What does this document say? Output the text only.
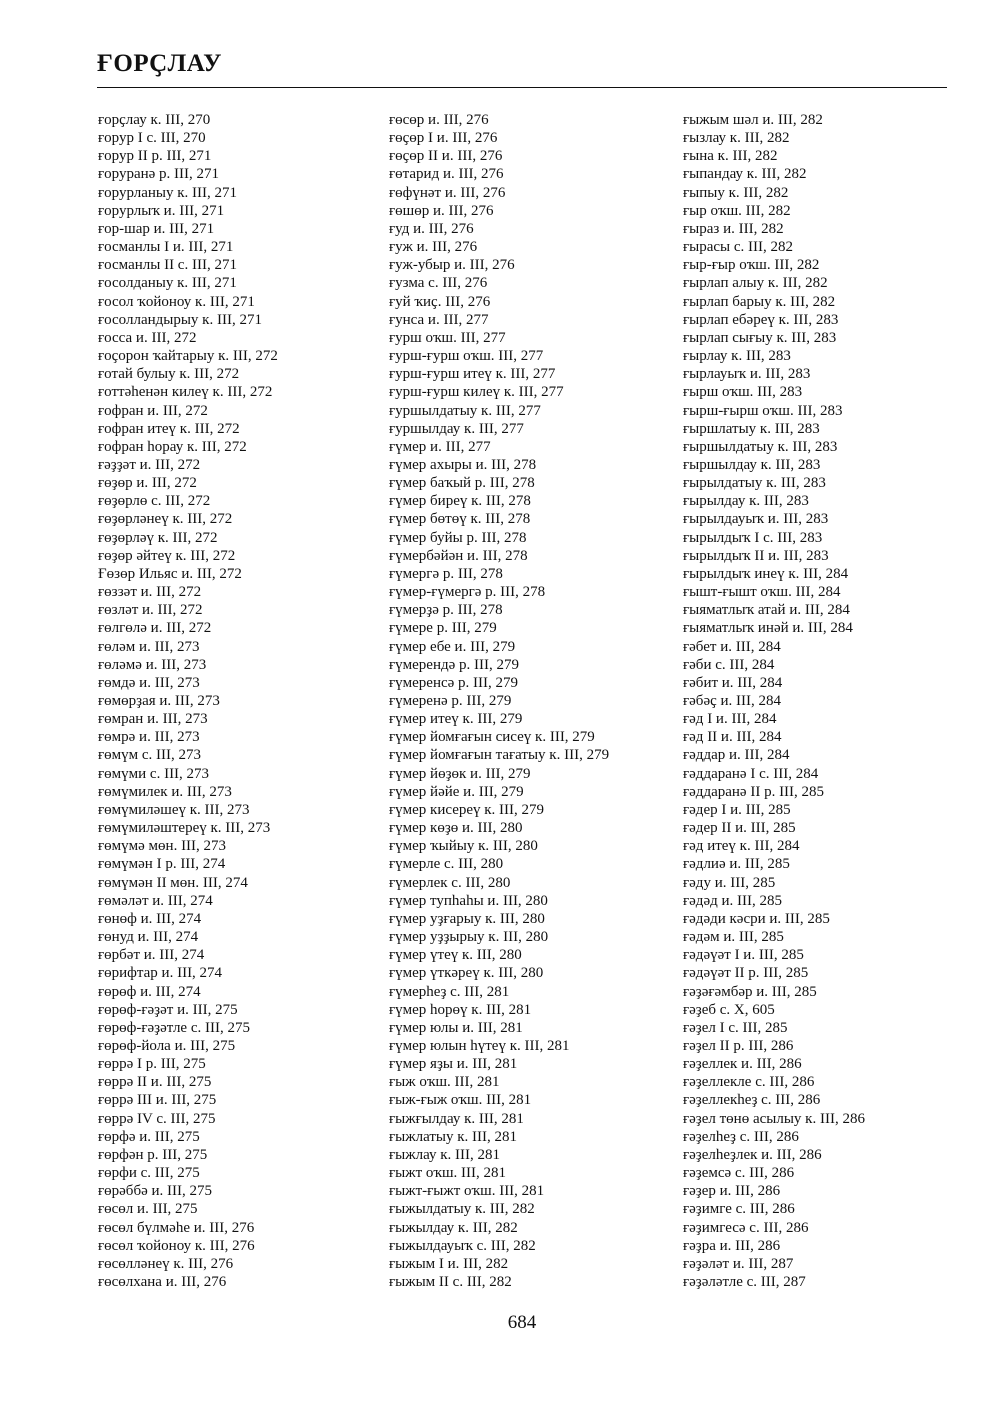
ҒОРҪЛАУ
ғорҫлау к. III, 270
ғорур I с. III, 270
ғорур II р. III, 271
ғоруранә р. III, 271
ғорурланыу к. III, 271
ғорурлыҡ и. III, 271
ғор-шар и. III, 271
ғосманлы I и. III, 271
ғосманлы II с. III, 271
ғосолданыу к. III, 271
ғосол ҡойоноу к. III, 271
ғосолландырыу к. III, 271
ғосса и. III, 272
ғоҫорон ҡайтарыу к. III, 272
ғотай булыу к. III, 272
ғоттәһенән килеү к. III, 272
ғофран и. III, 272
ғофран итеү к. III, 272
ғофран һорау к. III, 272
ғәҙҙәт и. III, 272
ғөҙөр и. III, 272
ғөҙөрлө с. III, 272
ғөҙөрләнеү к. III, 272
ғөҙөрләү к. III, 272
ғөҙөр әйтеү к. III, 272
Ғөзөр Ильяс и. III, 272
ғөззәт и. III, 272
ғөзләт и. III, 272
ғөлгөлә и. III, 272
ғөләм и. III, 273
ғөләмә и. III, 273
ғөмдә и. III, 273
ғөмөрҙая и. III, 273
ғөмран и. III, 273
ғөмрә и. III, 273
ғөмүм с. III, 273
ғөмүми с. III, 273
ғөмүмилек и. III, 273
ғөмүмиләшеү к. III, 273
ғөмүмиләштереү к. III, 273
ғөмүмә мөн. III, 273
ғөмүмән I р. III, 274
ғөмүмән II мөн. III, 274
ғөмәләт и. III, 274
ғөнөф и. III, 274
ғөнуд и. III, 274
ғөрбәт и. III, 274
ғөрифтар и. III, 274
ғөрөф и. III, 274
ғөрөф-ғәҙәт и. III, 275
ғөрөф-ғәҙәтле с. III, 275
ғөрөф-йола и. III, 275
ғөррә I р. III, 275
ғөррә II и. III, 275
ғөррә III и. III, 275
ғөррә IV с. III, 275
ғөрфә и. III, 275
ғөрфән р. III, 275
ғөрфи с. III, 275
ғөрәббә и. III, 275
ғөсөл и. III, 275
ғөсөл бүлмәһе и. III, 276
ғөсөл ҡойоноу к. III, 276
ғөсөлләнеү к. III, 276
ғөсөлхана и. III, 276
ғөсөр и. III, 276
ғөҫөр I и. III, 276
ғөҫөр II и. III, 276
ғөтарид и. III, 276
ғөфүнәт и. III, 276
ғөшөр и. III, 276
ғуд и. III, 276
ғуж и. III, 276
ғуж-убыр и. III, 276
ғузма с. III, 276
ғуй ҡиҫ. III, 276
ғунса и. III, 277
ғурш оҡш. III, 277
ғурш-ғурш оҡш. III, 277
ғурш-ғурш итеү к. III, 277
ғурш-ғурш килеү к. III, 277
ғуршылдатыу к. III, 277
ғуршылдау к. III, 277
ғүмер и. III, 277
ғүмер ахыры и. III, 278
ғүмер баҡый р. III, 278
ғүмер биреү к. III, 278
ғүмер бөтөү к. III, 278
ғүмер буйы р. III, 278
ғүмербәйән и. III, 278
ғүмергә р. III, 278
ғүмер-ғүмергә р. III, 278
ғүмерҙә р. III, 278
ғүмере р. III, 279
ғүмер ебе и. III, 279
ғүмерендә р. III, 279
ғүмеренсә р. III, 279
ғүмеренә р. III, 279
ғүмер итеү к. III, 279
ғүмер йомғағын сисеү к. III, 279
ғүмер йомғағын тағатыу к. III, 279
ғүмер йөҙөк и. III, 279
ғүмер йәйе и. III, 279
ғүмер кисереү к. III, 279
ғүмер көҙө и. III, 280
ғүмер ҡыйыу к. III, 280
ғүмерле с. III, 280
ғүмерлек с. III, 280
ғүмер тупһаһы и. III, 280
ғүмер уҙғарыу к. III, 280
ғүмер уҙҙырыу к. III, 280
ғүмер үтеү к. III, 280
ғүмер үткәреү к. III, 280
ғүмерһеҙ с. III, 281
ғүмер һорөү к. III, 281
ғүмер юлы и. III, 281
ғүмер юлын һүтеү к. III, 281
ғүмер яҙы и. III, 281
ғыж оҡш. III, 281
ғыж-ғыж оҡш. III, 281
ғыжғылдау к. III, 281
ғыжлатыу к. III, 281
ғыжлау к. III, 281
ғыжт оҡш. III, 281
ғыжт-ғыжт оҡш. III, 281
ғыжылдатыу к. III, 282
ғыжылдау к. III, 282
ғыжылдауыҡ с. III, 282
ғыжым I и. III, 282
ғыжым II с. III, 282
ғыжым шәл и. III, 282
ғызлау к. III, 282
ғына к. III, 282
ғыпандау к. III, 282
ғыпыу к. III, 282
ғыр оҡш. III, 282
ғыраз и. III, 282
ғырасы с. III, 282
ғыр-ғыр оҡш. III, 282
ғырлап алыу к. III, 282
ғырлап барыу к. III, 282
ғырлап ебәреү к. III, 283
ғырлап сығыу к. III, 283
ғырлау к. III, 283
ғырлауыҡ и. III, 283
ғырш оҡш. III, 283
ғырш-ғырш оҡш. III, 283
ғыршлатыу к. III, 283
ғыршылдатыу к. III, 283
ғыршылдау к. III, 283
ғырылдатыу к. III, 283
ғырылдау к. III, 283
ғырылдауыҡ и. III, 283
ғырылдыҡ I с. III, 283
ғырылдыҡ II и. III, 283
ғырылдыҡ инеү к. III, 284
ғышт-ғышт оҡш. III, 284
ғыяматлыҡ атай и. III, 284
ғыяматлыҡ инәй и. III, 284
ғәбет и. III, 284
ғәби с. III, 284
ғәбит и. III, 284
ғәбәҫ и. III, 284
ғәд I и. III, 284
ғәд II и. III, 284
ғәддар и. III, 284
ғәддаранә I с. III, 284
ғәддаранә II р. III, 285
ғәдер I и. III, 285
ғәдер II и. III, 285
ғәд итеү к. III, 284
ғәдлиә и. III, 285
ғәду и. III, 285
ғәдәд и. III, 285
ғәдәди кәсри и. III, 285
ғәдәм и. III, 285
ғәдәүәт I и. III, 285
ғәдәүәт II р. III, 285
ғәҙәғәмбәр и. III, 285
ғәҙеб с. X, 605
ғәҙел I с. III, 285
ғәҙел II р. III, 286
ғәҙеллек и. III, 286
ғәҙеллекле с. III, 286
ғәҙеллекһеҙ с. III, 286
ғәҙел төнө асылыу к. III, 286
ғәҙелһеҙ с. III, 286
ғәҙелһеҙлек и. III, 286
ғәҙемсә с. III, 286
ғәҙер и. III, 286
ғәҙимге с. III, 286
ғәҙимгесә с. III, 286
ғәҙра и. III, 286
ғәҙәләт и. III, 287
ғәҙәләтле с. III, 287
684
